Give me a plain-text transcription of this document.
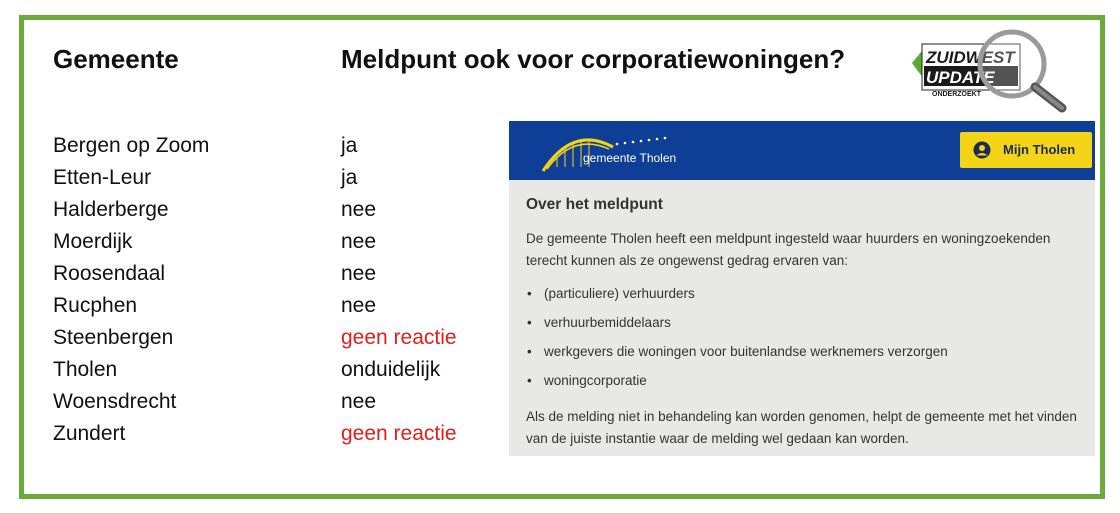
Gemeente	Meldpunt ook voor corporatiewoningen?
Bergen op Zoom
Etten-Leur
Halderberge
Moerdijk
Roosendaal
Rucphen
Steenbergen
Tholen
Woensdrecht
Zundert
ja
ja
nee
nee
nee
nee
geen reactie
onduidelijk
nee
geen reactie
ZUIDWEST
UPDATE
ONDERZOEKT
gemeente Tholen
Mijn Tholen

Over het meldpunt

De gemeente Tholen heeft een meldpunt ingesteld waar huurders en woningzoekenden terecht kunnen als ze ongewenst gedrag ervaren van:

• (particuliere) verhuurders
• verhuurbemiddelaars
• werkgevers die woningen voor buitenlandse werknemers verzorgen
• woningcorporatie

Als de melding niet in behandeling kan worden genomen, helpt de gemeente met het vinden van de juiste instantie waar de melding wel gedaan kan worden.
